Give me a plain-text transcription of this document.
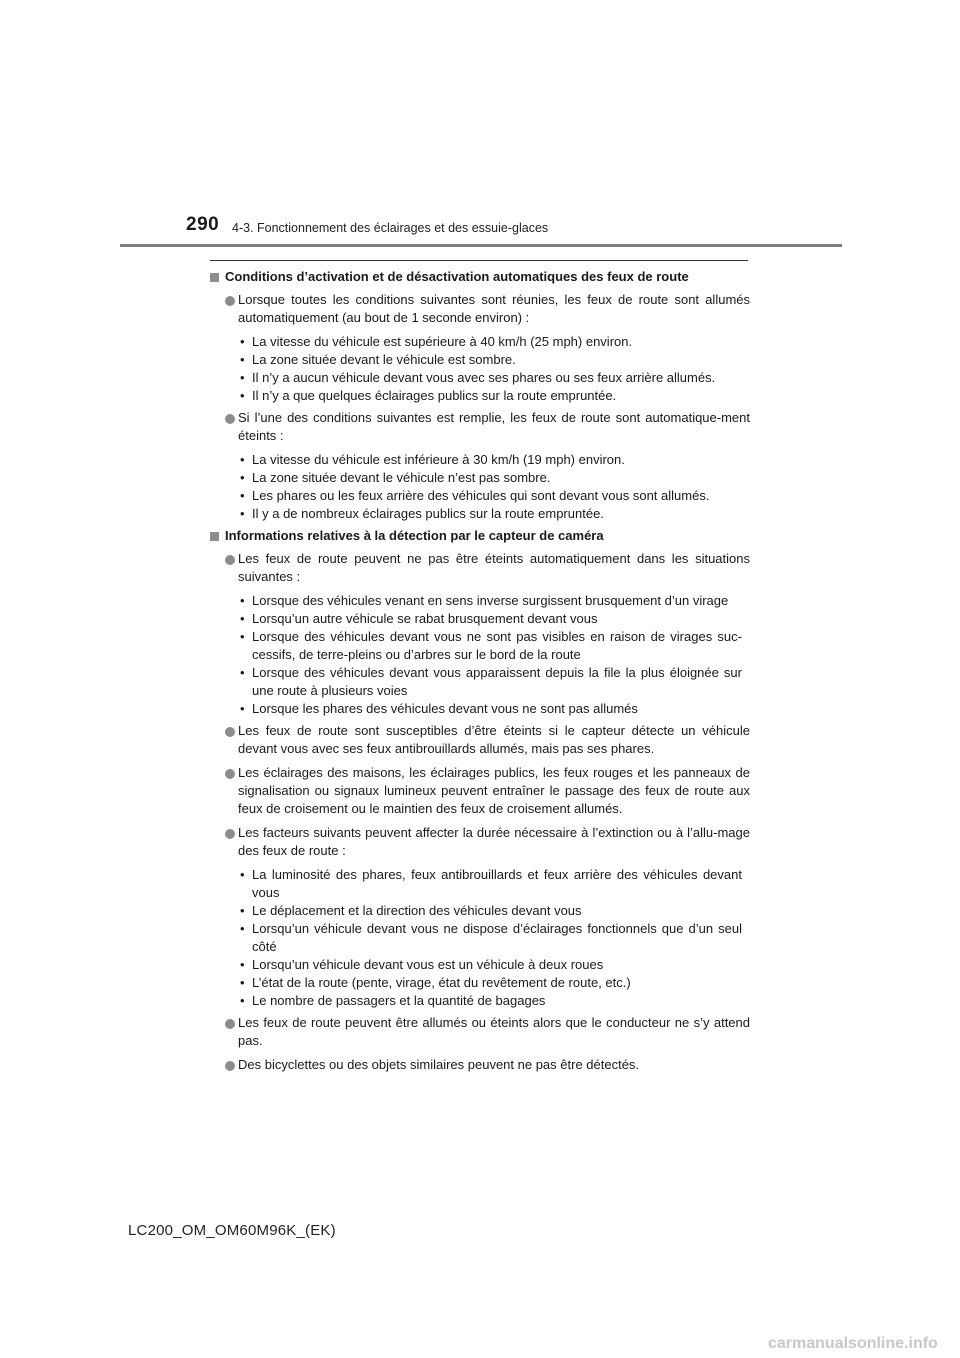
290 4-3. Fonctionnement des éclairages et des essuie-glaces
Conditions d’activation et de désactivation automatiques des feux de route
Lorsque toutes les conditions suivantes sont réunies, les feux de route sont allumés automatiquement (au bout de 1 seconde environ) :
• La vitesse du véhicule est supérieure à 40 km/h (25 mph) environ.
• La zone située devant le véhicule est sombre.
• Il n’y a aucun véhicule devant vous avec ses phares ou ses feux arrière allumés.
• Il n’y a que quelques éclairages publics sur la route empruntée.
Si l’une des conditions suivantes est remplie, les feux de route sont automatique-ment éteints :
• La vitesse du véhicule est inférieure à 30 km/h (19 mph) environ.
• La zone située devant le véhicule n’est pas sombre.
• Les phares ou les feux arrière des véhicules qui sont devant vous sont allumés.
• Il y a de nombreux éclairages publics sur la route empruntée.
Informations relatives à la détection par le capteur de caméra
Les feux de route peuvent ne pas être éteints automatiquement dans les situations suivantes :
• Lorsque des véhicules venant en sens inverse surgissent brusquement d’un virage
• Lorsqu’un autre véhicule se rabat brusquement devant vous
• Lorsque des véhicules devant vous ne sont pas visibles en raison de virages suc-cessifs, de terre-pleins ou d’arbres sur le bord de la route
• Lorsque des véhicules devant vous apparaissent depuis la file la plus éloignée sur une route à plusieurs voies
• Lorsque les phares des véhicules devant vous ne sont pas allumés
Les feux de route sont susceptibles d’être éteints si le capteur détecte un véhicule devant vous avec ses feux antibrouillards allumés, mais pas ses phares.
Les éclairages des maisons, les éclairages publics, les feux rouges et les panneaux de signalisation ou signaux lumineux peuvent entraîner le passage des feux de route aux feux de croisement ou le maintien des feux de croisement allumés.
Les facteurs suivants peuvent affecter la durée nécessaire à l’extinction ou à l’allu-mage des feux de route :
• La luminosité des phares, feux antibrouillards et feux arrière des véhicules devant vous
• Le déplacement et la direction des véhicules devant vous
• Lorsqu’un véhicule devant vous ne dispose d’éclairages fonctionnels que d’un seul côté
• Lorsqu’un véhicule devant vous est un véhicule à deux roues
• L’état de la route (pente, virage, état du revêtement de route, etc.)
• Le nombre de passagers et la quantité de bagages
Les feux de route peuvent être allumés ou éteints alors que le conducteur ne s’y attend pas.
Des bicyclettes ou des objets similaires peuvent ne pas être détectés.
LC200_OM_OM60M96K_(EK)
carmanualsonline.info
